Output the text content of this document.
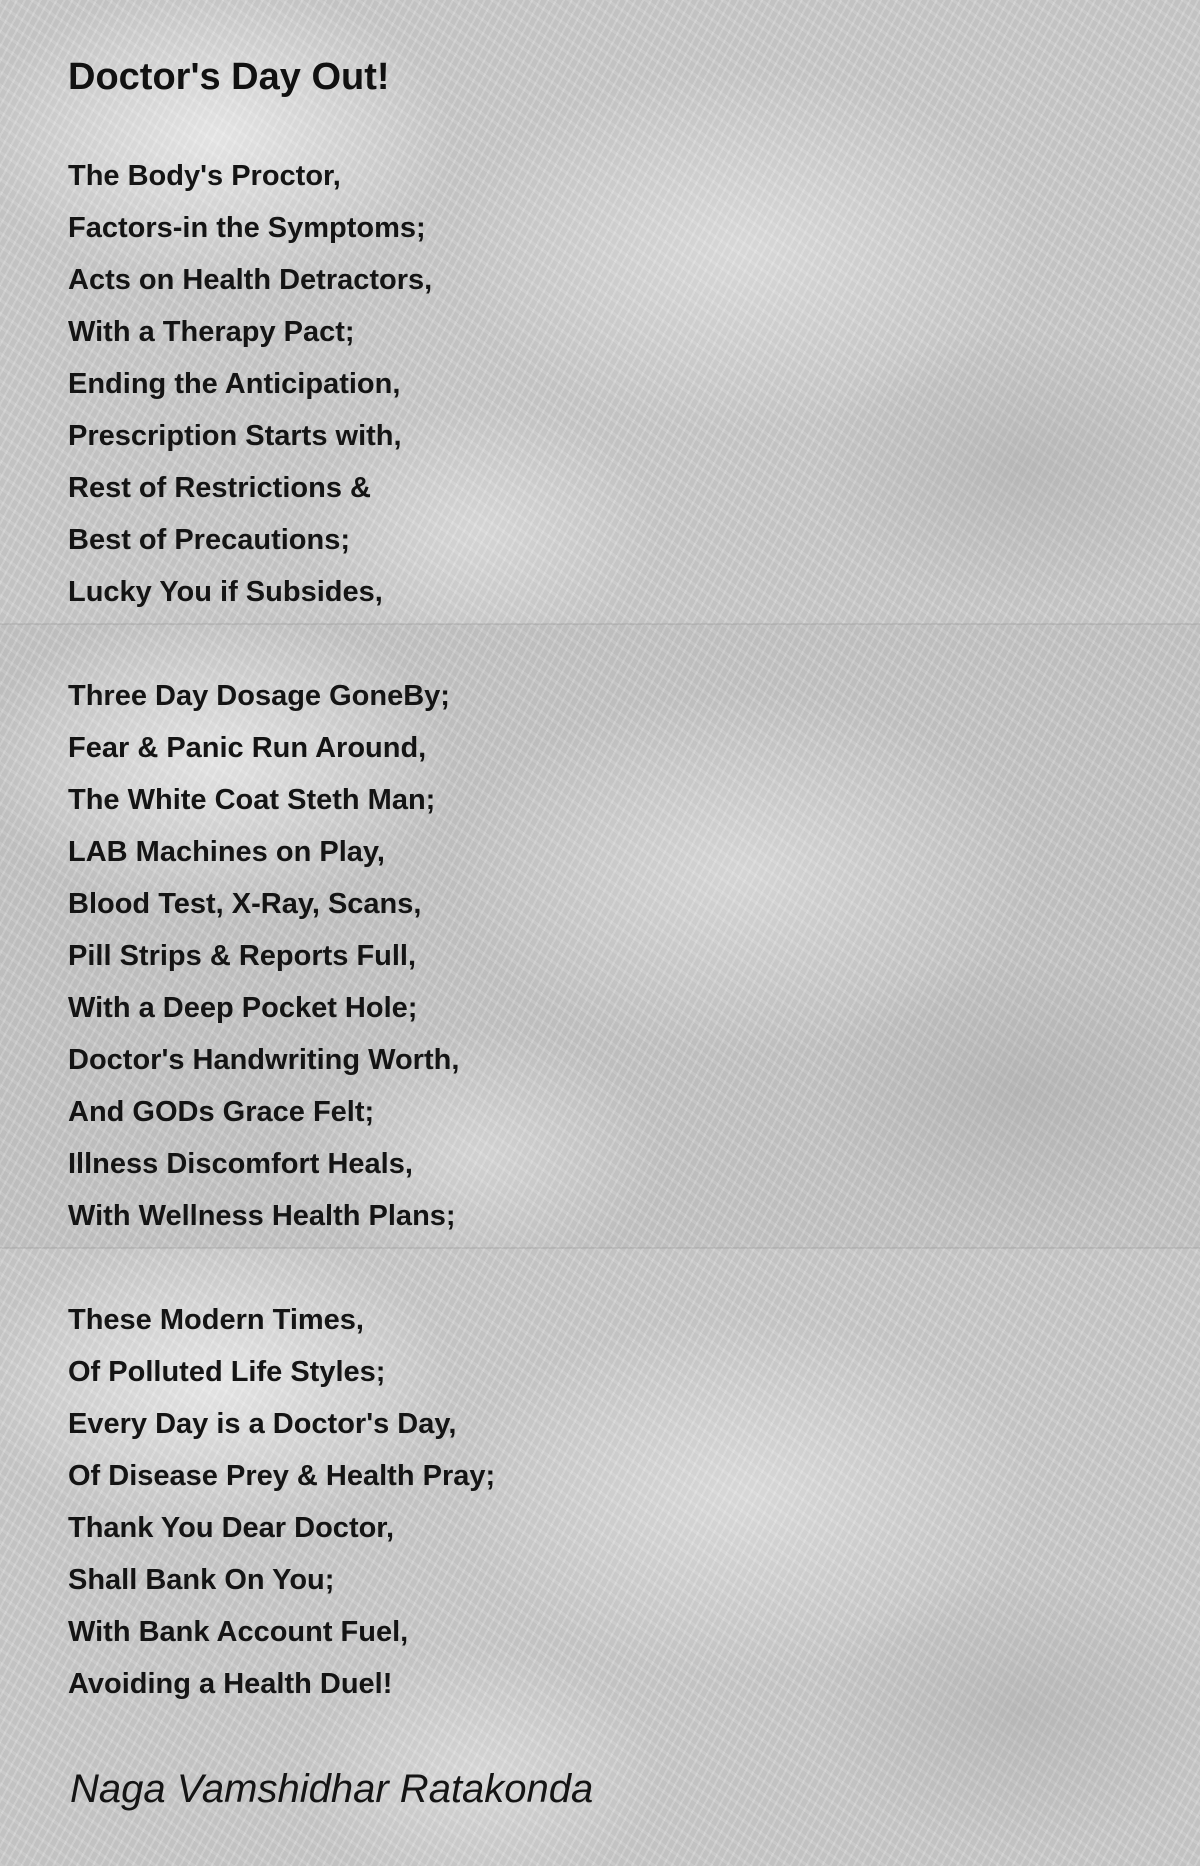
Doctor's Day Out!
The Body's Proctor,
Factors-in the Symptoms;
Acts on Health Detractors,
With a Therapy Pact;
Ending the Anticipation,
Prescription Starts with,
Rest of Restrictions &
Best of Precautions;
Lucky You if Subsides,
Three Day Dosage GoneBy;
Fear & Panic Run Around,
The White Coat Steth Man;
LAB Machines on Play,
Blood Test, X-Ray, Scans,
Pill Strips & Reports Full,
With a Deep Pocket Hole;
Doctor's Handwriting Worth,
And GODs Grace Felt;
Illness Discomfort Heals,
With Wellness Health Plans;
These Modern Times,
Of Polluted Life Styles;
Every Day is a Doctor's Day,
Of Disease Prey & Health Pray;
Thank You Dear Doctor,
Shall Bank On You;
With Bank Account Fuel,
Avoiding a Health Duel!

Naga Vamshidhar Ratakonda
